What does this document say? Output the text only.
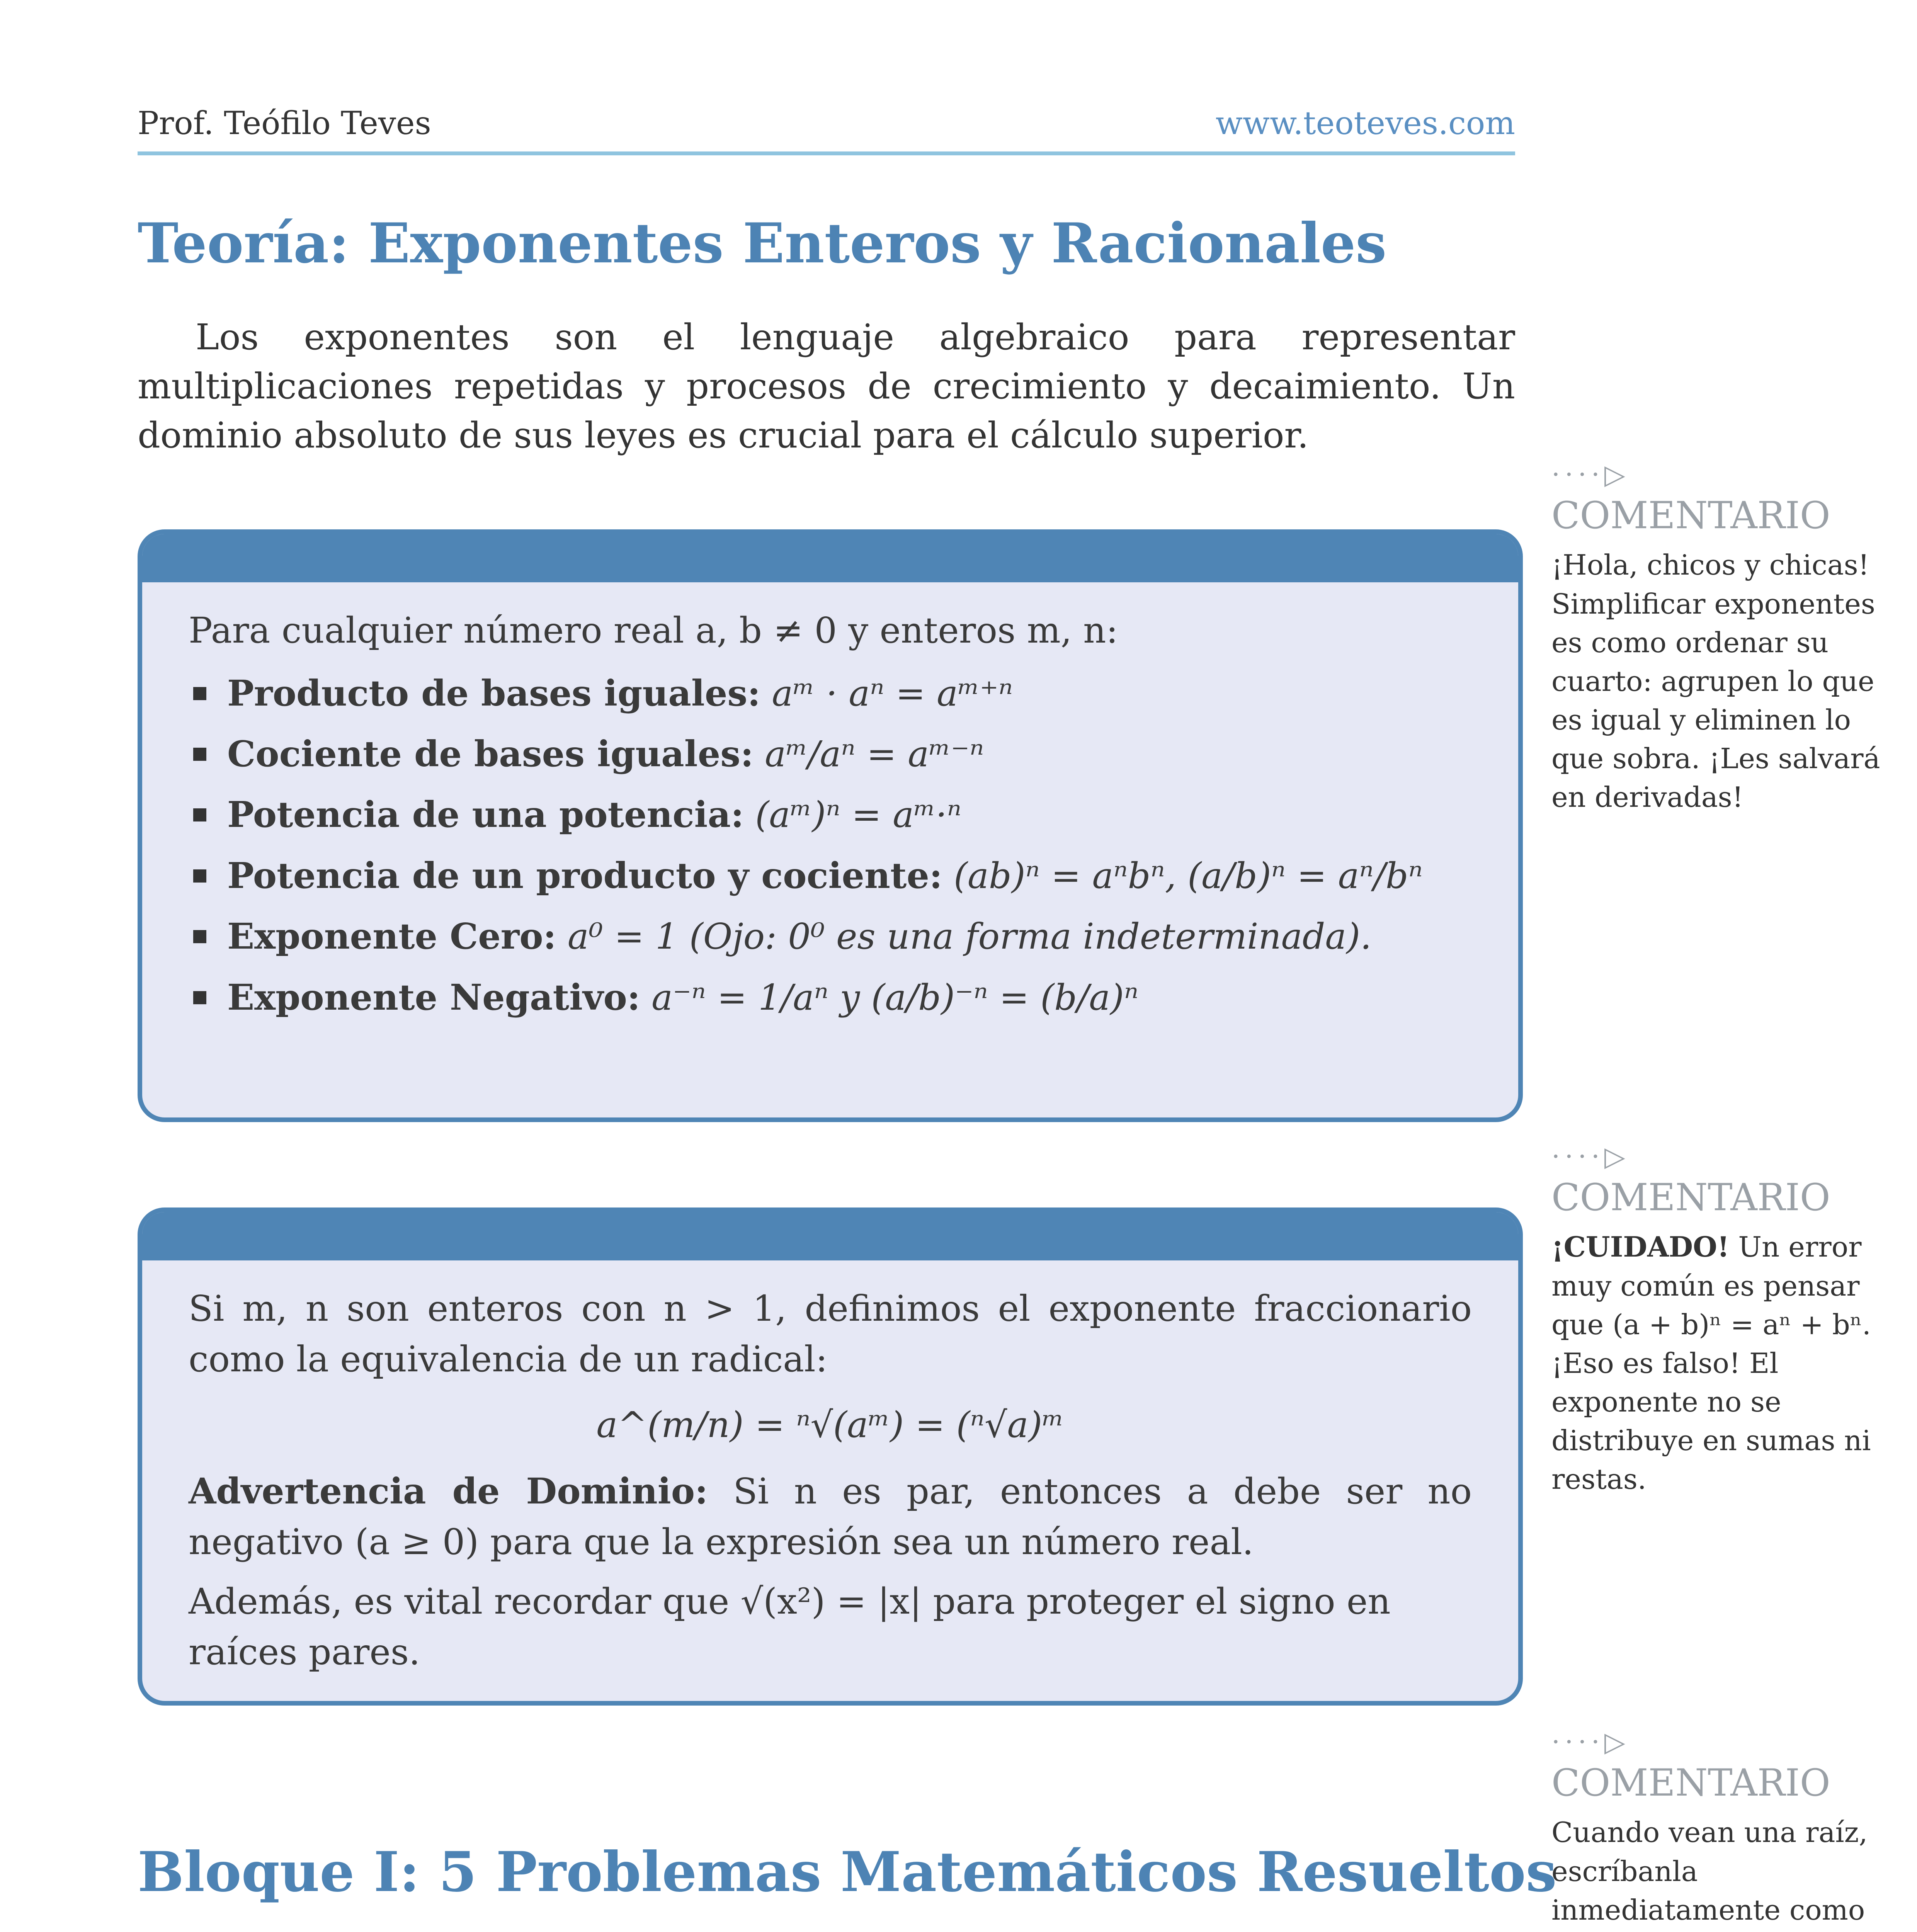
Prof. Teófilo Teves	www.teoteves.com
Teoría: Exponentes Enteros y Racionales
Los exponentes son el lenguaje algebraico para representar multiplicaciones repetidas y procesos de crecimiento y decaimiento. Un dominio absoluto de sus leyes es crucial para el cálculo superior.
Para cualquier número real a, b ≠ 0 y enteros m, n:
Producto de bases iguales: aᵐ · aⁿ = aᵐ⁺ⁿ
Cociente de bases iguales: aᵐ/aⁿ = aᵐ⁻ⁿ
Potencia de una potencia: (aᵐ)ⁿ = aᵐ·ⁿ
Potencia de un producto y cociente: (ab)ⁿ = aⁿbⁿ, (a/b)ⁿ = aⁿ/bⁿ
Exponente Cero: a⁰ = 1 (Ojo: 0⁰ es una forma indeterminada).
Exponente Negativo: a⁻ⁿ = 1/aⁿ y (a/b)⁻ⁿ = (b/a)ⁿ
Si m, n son enteros con n > 1, definimos el exponente fraccionario como la equivalencia de un radical:
a^(m/n) = ⁿ√(aᵐ) = (ⁿ√a)ᵐ
Advertencia de Dominio: Si n es par, entonces a debe ser no negativo (a ≥ 0) para que la expresión sea un número real.
Además, es vital recordar que √(x²) = |x| para proteger el signo en raíces pares.
····▷
COMENTARIO
¡Hola, chicos y chicas! Simplificar exponentes es como ordenar su cuarto: agrupen lo que es igual y eliminen lo que sobra. ¡Les salvará en derivadas!
····▷
COMENTARIO
¡CUIDADO! Un error muy común es pensar que (a + b)ⁿ = aⁿ + bⁿ. ¡Eso es falso! El exponente no se distribuye en sumas ni restas.
····▷
COMENTARIO
Cuando vean una raíz, escríbanla inmediatamente como
Bloque I: 5 Problemas Matemáticos Resueltos
